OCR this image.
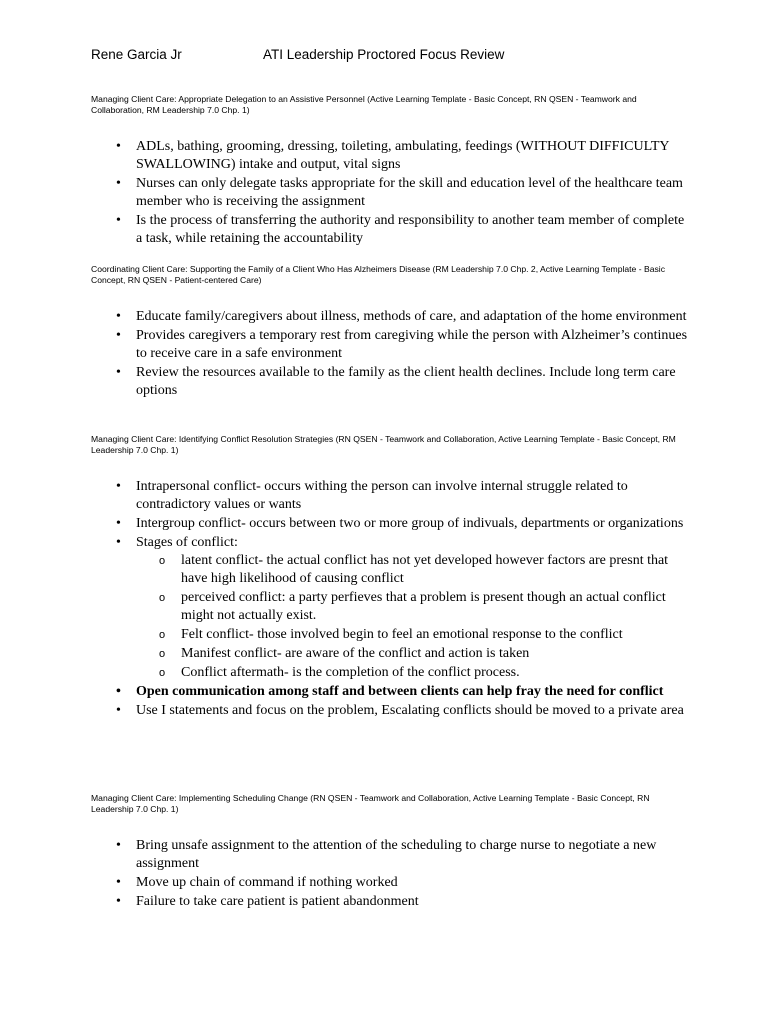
Rene Garcia Jr	ATI Leadership Proctored Focus Review
Managing Client Care: Appropriate Delegation to an Assistive Personnel (Active Learning Template - Basic Concept, RN QSEN - Teamwork and Collaboration, RM Leadership 7.0 Chp. 1)
• ADLs, bathing, grooming, dressing, toileting, ambulating, feedings (WITHOUT DIFFICULTY SWALLOWING) intake and output, vital signs
• Nurses can only delegate tasks appropriate for the skill and education level of the healthcare team member who is receiving the assignment
• Is the process of transferring the authority and responsibility to another team member of complete a task, while retaining the accountability
Coordinating Client Care: Supporting the Family of a Client Who Has Alzheimers Disease (RM Leadership 7.0 Chp. 2, Active Learning Template - Basic Concept, RN QSEN - Patient-centered Care)
• Educate family/caregivers about illness, methods of care, and adaptation of the home environment
• Provides caregivers a temporary rest from caregiving while the person with Alzheimer’s continues to receive care in a safe environment
• Review the resources available to the family as the client health declines. Include long term care options
Managing Client Care: Identifying Conflict Resolution Strategies (RN QSEN - Teamwork and Collaboration, Active Learning Template - Basic Concept, RM Leadership 7.0 Chp. 1)
• Intrapersonal conflict- occurs withing the person can involve internal struggle related to contradictory values or wants
• Intergroup conflict- occurs between two or more group of indivuals, departments or organizations
• Stages of conflict:
o latent conflict- the actual conflict has not yet developed however factors are presnt that have high likelihood of causing conflict
o perceived conflict: a party perfieves that a problem is present though an actual conflict might not actually exist.
o Felt conflict- those involved begin to feel an emotional response to the conflict
o Manifest conflict- are aware of the conflict and action is taken
o Conflict aftermath- is the completion of the conflict process.
• Open communication among staff and between clients can help fray the need for conflict
• Use I statements and focus on the problem, Escalating conflicts should be moved to a private area
Managing Client Care: Implementing Scheduling Change (RN QSEN - Teamwork and Collaboration, Active Learning Template - Basic Concept, RN Leadership 7.0 Chp. 1)
• Bring unsafe assignment to the attention of the scheduling to charge nurse to negotiate a new assignment
• Move up chain of command if nothing worked
• Failure to take care patient is patient abandonment
